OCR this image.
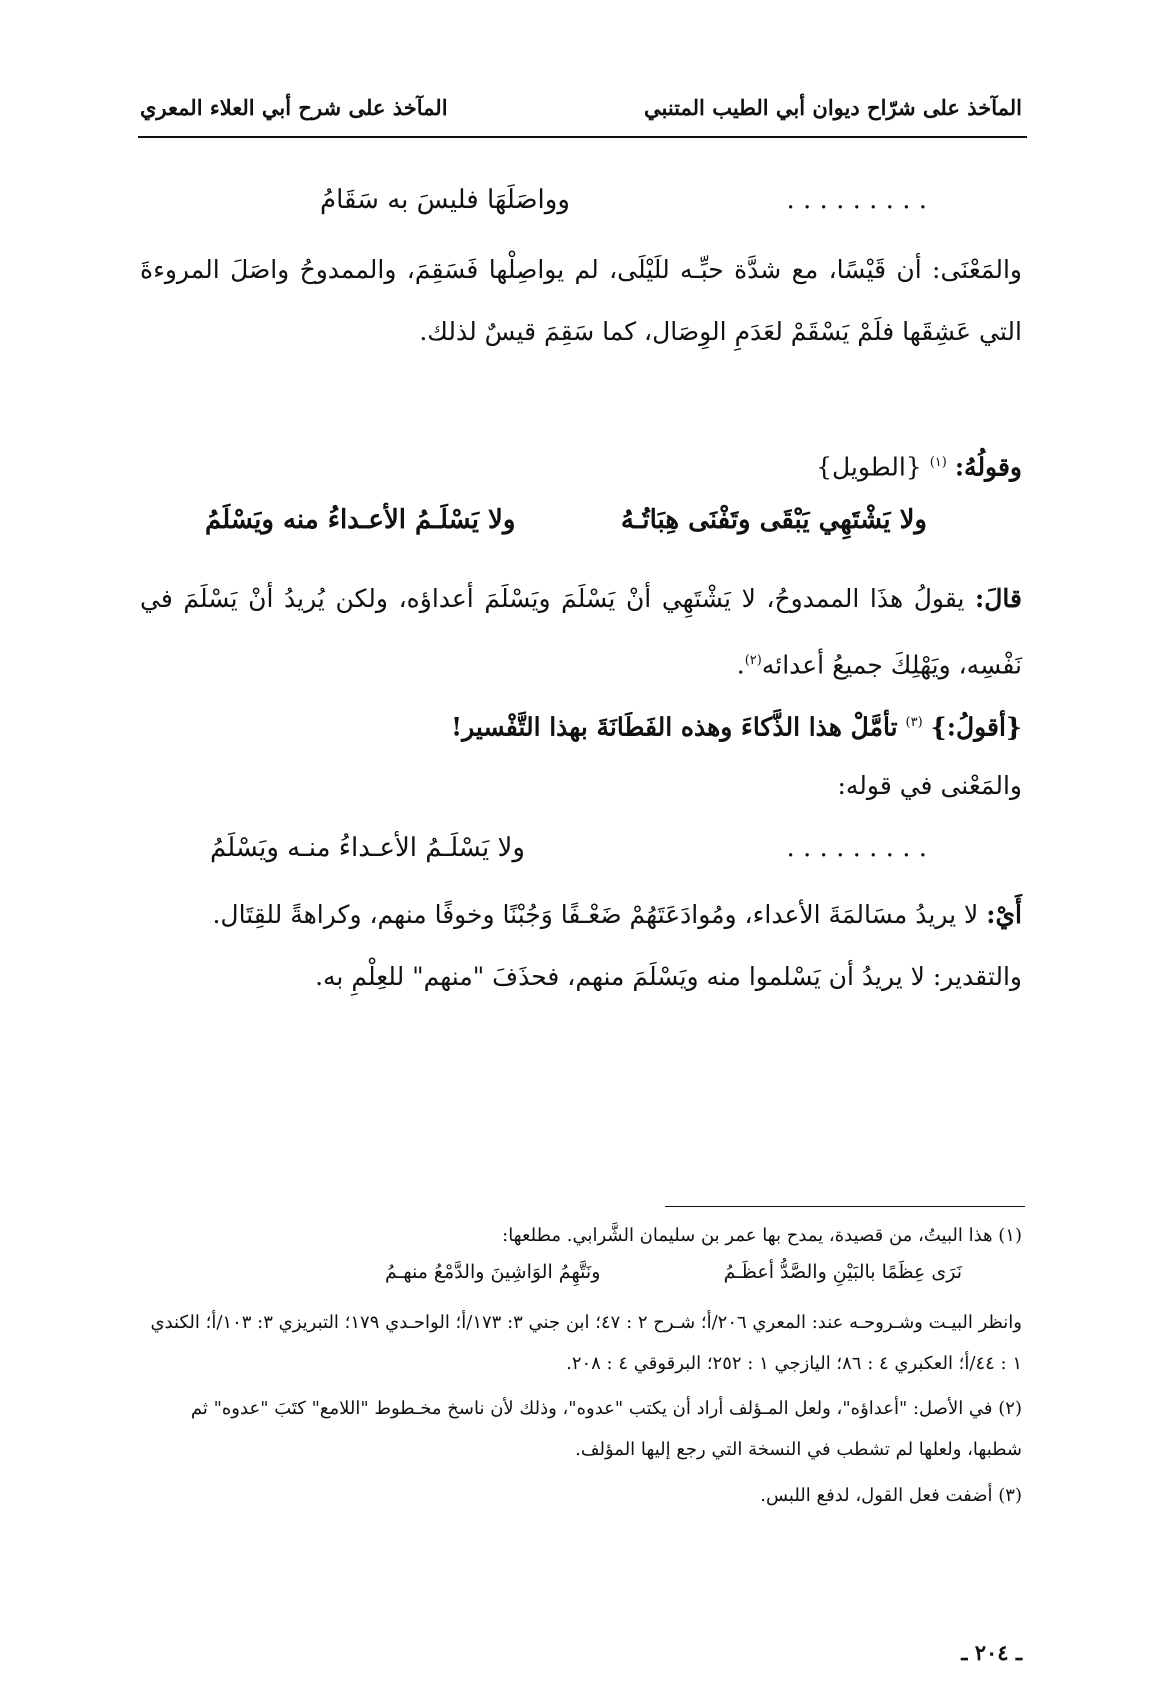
المآخذ على شرّاح ديوان أبي الطيب المتنبي
المآخذ على شرح أبي العلاء المعري
. . . . . . . . .
وواصَلَهَا فليسَ به سَقَامُ
والمَعْنَى: أن قَيْسًا، مع شدَّة حبِّـه للَيْلَى، لم يواصِلْها فَسَقِمَ، والممدوحُ واصَلَ المروءةَ التي عَشِقَها فلَمْ يَسْقَمْ لعَدَمِ الوِصَال، كما سَقِمَ قيسٌ لذلك.
وقولُهُ: $^{(١)}$ {الطويل}
ولا يَشْتَهِي يَبْقَى وتَفْنَى هِبَاتُـهُ
ولا يَسْلَـمُ الأعـداءُ منه ويَسْلَمُ
قالَ: يقولُ هذَا الممدوحُ، لا يَشْتَهِي أنْ يَسْلَمَ ويَسْلَمَ أعداؤه، ولكن يُريدُ أنْ يَسْلَمَ في نَفْسِه، ويَهْلِكَ جميعُ أعدائه$^{(٢)}$.
{أقولُ:} $^{(٣)}$ تأمَّلْ هذا الذَّكاءَ وهذه الفَطَانَةَ بهذا التَّفْسير!
والمَعْنى في قوله:
. . . . . . . . .
ولا يَسْلَـمُ الأعـداءُ منـه ويَسْلَمُ
أَيْ: لا يريدُ مسَالمَةَ الأعداء، ومُوادَعَتَهُمْ ضَعْـفًا وَجُبْنًا وخوفًا منهم، وكراهةً للقِتَال.
والتقدير: لا يريدُ أن يَسْلموا منه ويَسْلَمَ منهم، فحذَفَ "منهم" للعِلْمِ به.
(١) هذا البيتُ، من قصيدة، يمدح بها عمر بن سليمان الشَّرابي. مطلعها:
نَرَى عِظَمًا بالبَيْنِ والصَّدُّ أعظَـمُ
ونَتَّهِمُ الوَاشِينَ والدَّمْعُ منهـمُ
وانظر البيـت وشـروحـه عند: المعري ٢٠٦/أ؛ شـرح ٢ : ٤٧؛ ابن جني ٣: ١٧٣/أ؛ الواحـدي ١٧٩؛ التبريزي ٣: ١٠٣/أ؛ الكندي ١ : ٤٤/أ؛ العكبري ٤ : ٨٦؛ اليازجي ١ : ٢٥٢؛ البرقوقي ٤ : ٢٠٨.
(٢) في الأصل: "أعداؤه"، ولعل المـؤلف أراد أن يكتب "عدوه"، وذلك لأن ناسخ مخـطوط "اللامع" كتَبَ "عدوه" ثم شطبها، ولعلها لم تشطب في النسخة التي رجع إليها المؤلف.
(٣) أضفت فعل القول، لدفع اللبس.
ـ ٢٠٤ ـ
